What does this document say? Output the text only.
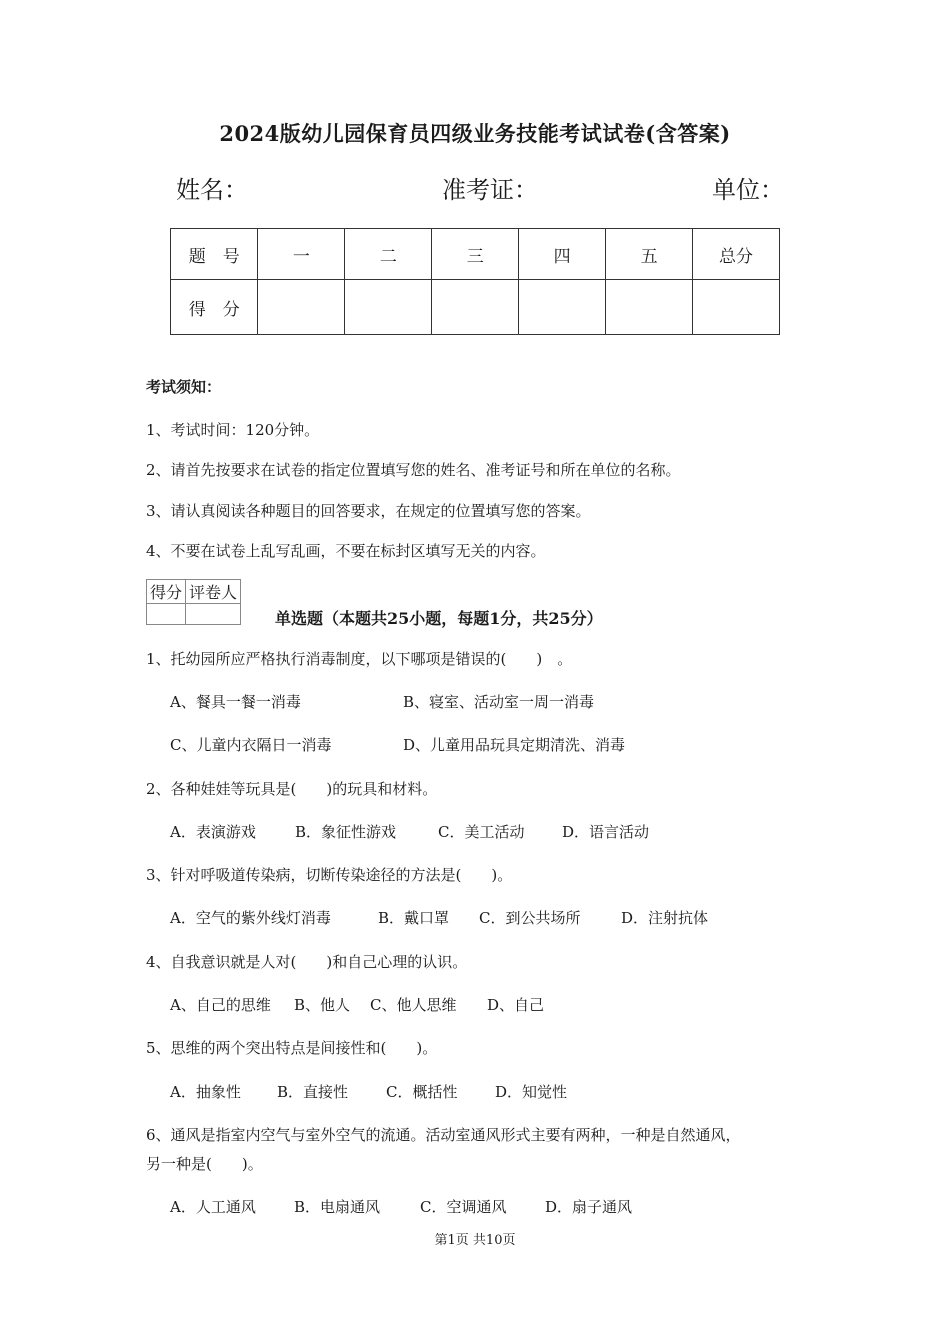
2024版幼儿园保育员四级业务技能考试试卷(含答案)
姓名：	准考证：	单位：
题　号	一	二	三	四	五	总分
得　分						
考试须知：
1、考试时间：120分钟。
2、请首先按要求在试卷的指定位置填写您的姓名、准考证号和所在单位的名称。
3、请认真阅读各种题目的回答要求，在规定的位置填写您的答案。
4、不要在试卷上乱写乱画，不要在标封区填写无关的内容。
得分	评卷人

单选题（本题共25小题，每题1分，共25分）
1、托幼园所应严格执行消毒制度，以下哪项是错误的(　　)　。
A、餐具一餐一消毒	B、寝室、活动室一周一消毒
C、儿童内衣隔日一消毒	D、儿童用品玩具定期清洗、消毒
2、各种娃娃等玩具是(　　)的玩具和材料。
A．表演游戏	B．象征性游戏	C．美工活动	D．语言活动
3、针对呼吸道传染病，切断传染途径的方法是(　　)。
A．空气的紫外线灯消毒	B．戴口罩 C．到公共场所	D．注射抗体
4、自我意识就是人对(　　)和自己心理的认识。
A、自己的思维 B、他人 C、他人思维 D、自己
5、思维的两个突出特点是间接性和(　　)。
A．抽象性 B．直接性	C．概括性	D．知觉性
6、通风是指室内空气与室外空气的流通。活动室通风形式主要有两种，一种是自然通风，
另一种是(　　)。
A．人工通风	B．电扇通风	C．空调通风	D．扇子通风
第1页 共10页
